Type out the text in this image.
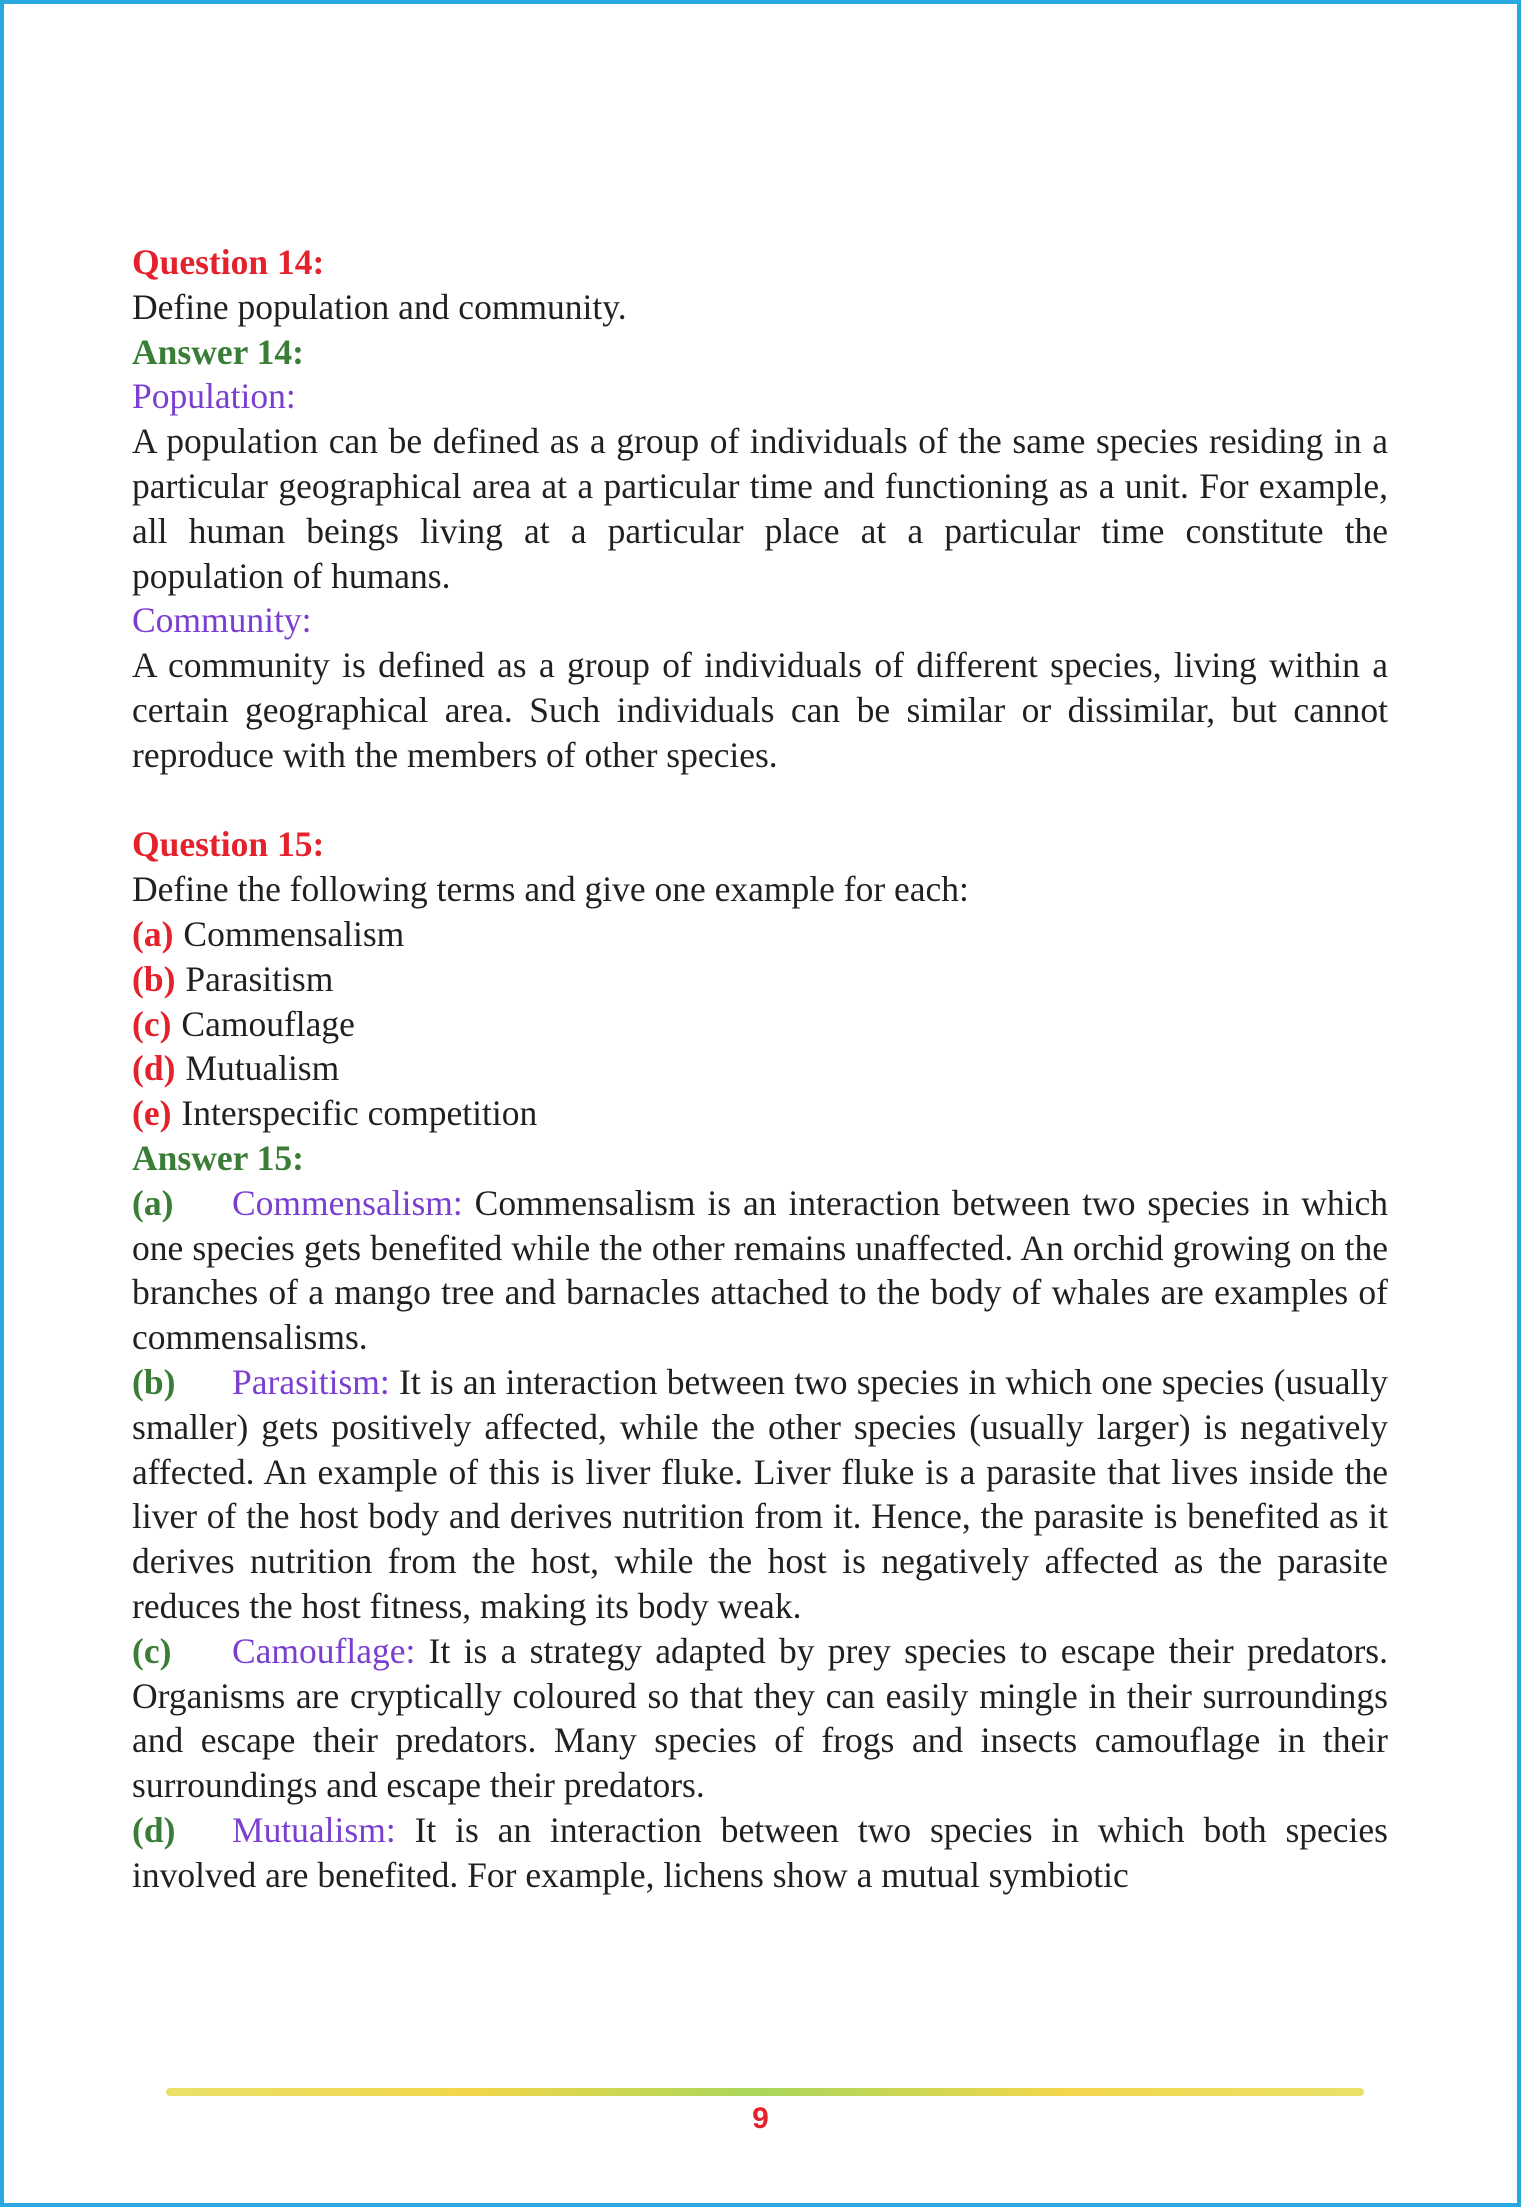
Question 14:

Define population and community.

Answer 14:

Population:

A population can be defined as a group of individuals of the same species residing in a particular geographical area at a particular time and functioning as a unit. For example, all human beings living at a particular place at a particular time constitute the population of humans.

Community:

A community is defined as a group of individuals of different species, living within a certain geographical area. Such individuals can be similar or dissimilar, but cannot reproduce with the members of other species.

Question 15:

Define the following terms and give one example for each:

(a) Commensalism

(b) Parasitism

(c) Camouflage

(d) Mutualism

(e) Interspecific competition

Answer 15:

(a) Commensalism: Commensalism is an interaction between two species in which one species gets benefited while the other remains unaffected. An orchid growing on the branches of a mango tree and barnacles attached to the body of whales are examples of commensalisms.

(b) Parasitism: It is an interaction between two species in which one species (usually smaller) gets positively affected, while the other species (usually larger) is negatively affected. An example of this is liver fluke. Liver fluke is a parasite that lives inside the liver of the host body and derives nutrition from it. Hence, the parasite is benefited as it derives nutrition from the host, while the host is negatively affected as the parasite reduces the host fitness, making its body weak.

(c) Camouflage: It is a strategy adapted by prey species to escape their predators. Organisms are cryptically coloured so that they can easily mingle in their surroundings and escape their predators. Many species of frogs and insects camouflage in their surroundings and escape their predators.

(d) Mutualism: It is an interaction between two species in which both species involved are benefited. For example, lichens show a mutual symbiotic

9
